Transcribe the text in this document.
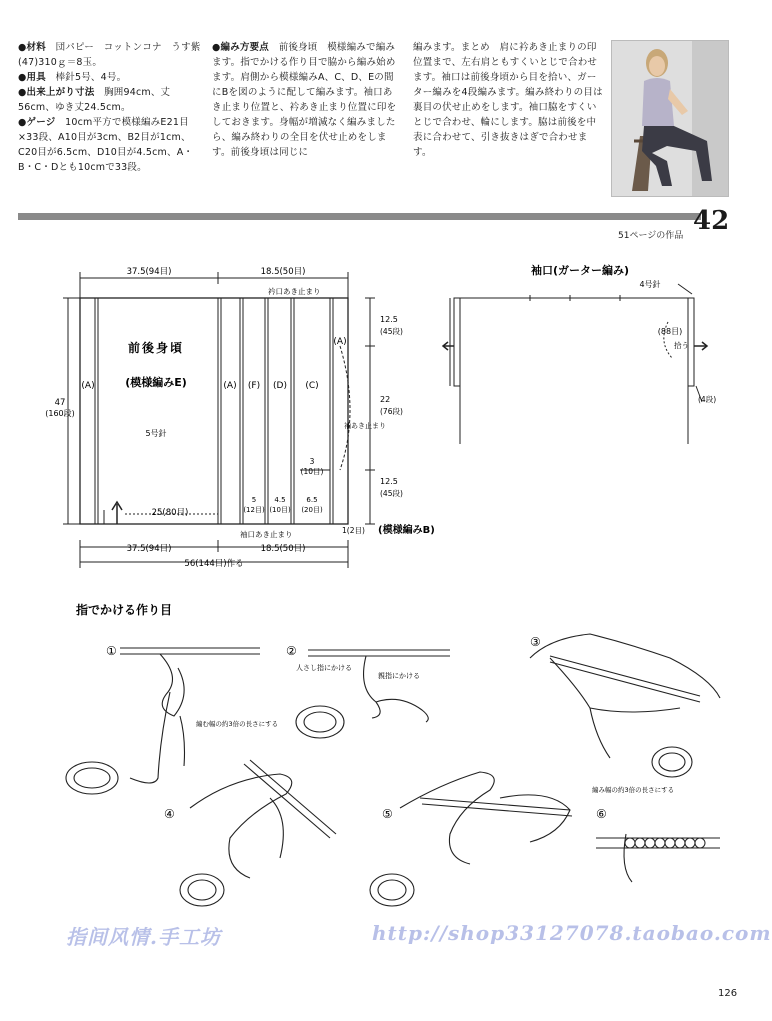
●材料　団パピー　コットンコナ　うす紫(47)310ｇ＝8玉。

●用具　棒針5号、4号。

●出来上がり寸法　胸囲94cm、丈56cm、ゆき丈24.5cm。

●ゲージ　10cm平方で模様編みE21目×33段、A10目が3cm、B2目が1cm、C20目が6.5cm、D10目が4.5cm、A・B・C・Dとも10cmで33段。

●編み方要点　前後身頃　模様編みで編みます。指でかける作り目で脇から編み始めます。肩側から模様編みA、C、D、Eの間にBを図のように配して編みます。袖口あき止まり位置と、衿あき止まり位置に印をしておきます。身幅が増減なく編みましたら、編み終わりの全目を伏せ止めをします。前後身頃は同じに

編みます。まとめ　肩に衿あき止まりの印位置まで、左右肩ともすくいとじで合わせます。袖口は前後身頃から目を拾い、ガーター編みを4段編みます。編み終わりの目は裏目の伏せ止めをします。袖口脇をすくいとじで合わせ、輪にします。脇は前後を中表に合わせて、引き抜きはぎで合わせます。

51ページの作品 42
37.5(94目)	18.5(50目)
衿口あき止まり
前後身頃
(模様編みE)
5号針
47
(160段)
(A)	(A) (F) (D) (C)
(A)
12.5
(45段)
22
(76段)
袖あき止まり
12.5
(45段)
3
(10目)
25(80目)
5
(12目)
4.5
(10目)
6.5
(20目)
1(2目) (模様編みB)
袖口あき止まり
37.5(94目)	18.5(50目)
56(144目)作る
袖口(ガーター編み)
4号針
(88目)
拾う
(4段)
指でかける作り目
①	②
③
④	⑤	⑥
編む幅の約3倍の長さにする
人さし指にかける
親指にかける
編み幅の約3倍の長さにする
指间风情.手工坊	http://shop33127078.taobao.com
126
